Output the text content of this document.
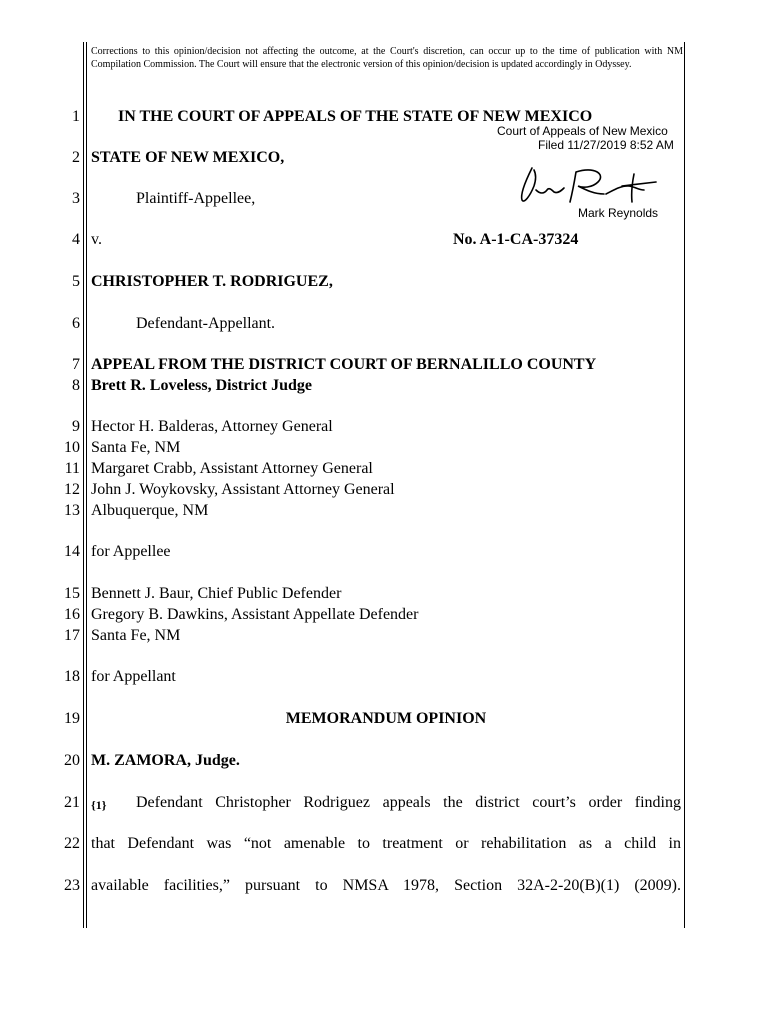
Corrections to this opinion/decision not affecting the outcome, at the Court's discretion, can occur up to the time of publication with NM Compilation Commission. The Court will ensure that the electronic version of this opinion/decision is updated accordingly in Odyssey.
1
2
3
4
5
6
7
8
9
10
11
12
13
14
15
16
17
18
19
20
21
22
23
IN THE COURT OF APPEALS OF THE STATE OF NEW MEXICO
STATE OF NEW MEXICO,
Plaintiff-Appellee,
v.	No. A-1-CA-37324
CHRISTOPHER T. RODRIGUEZ,
Defendant-Appellant.
Court of Appeals of New Mexico
Filed 11/27/2019 8:52 AM
Mark Reynolds
APPEAL FROM THE DISTRICT COURT OF BERNALILLO COUNTY
Brett R. Loveless, District Judge
Hector H. Balderas, Attorney General
Santa Fe, NM
Margaret Crabb, Assistant Attorney General
John J. Woykovsky, Assistant Attorney General
Albuquerque, NM
for Appellee
Bennett J. Baur, Chief Public Defender
Gregory B. Dawkins, Assistant Appellate Defender
Santa Fe, NM
for Appellant
MEMORANDUM OPINION
M. ZAMORA, Judge.
{1} Defendant Christopher Rodriguez appeals the district court’s order finding
that Defendant was “not amenable to treatment or rehabilitation as a child in
available facilities,” pursuant to NMSA 1978, Section 32A-2-20(B)(1) (2009).
